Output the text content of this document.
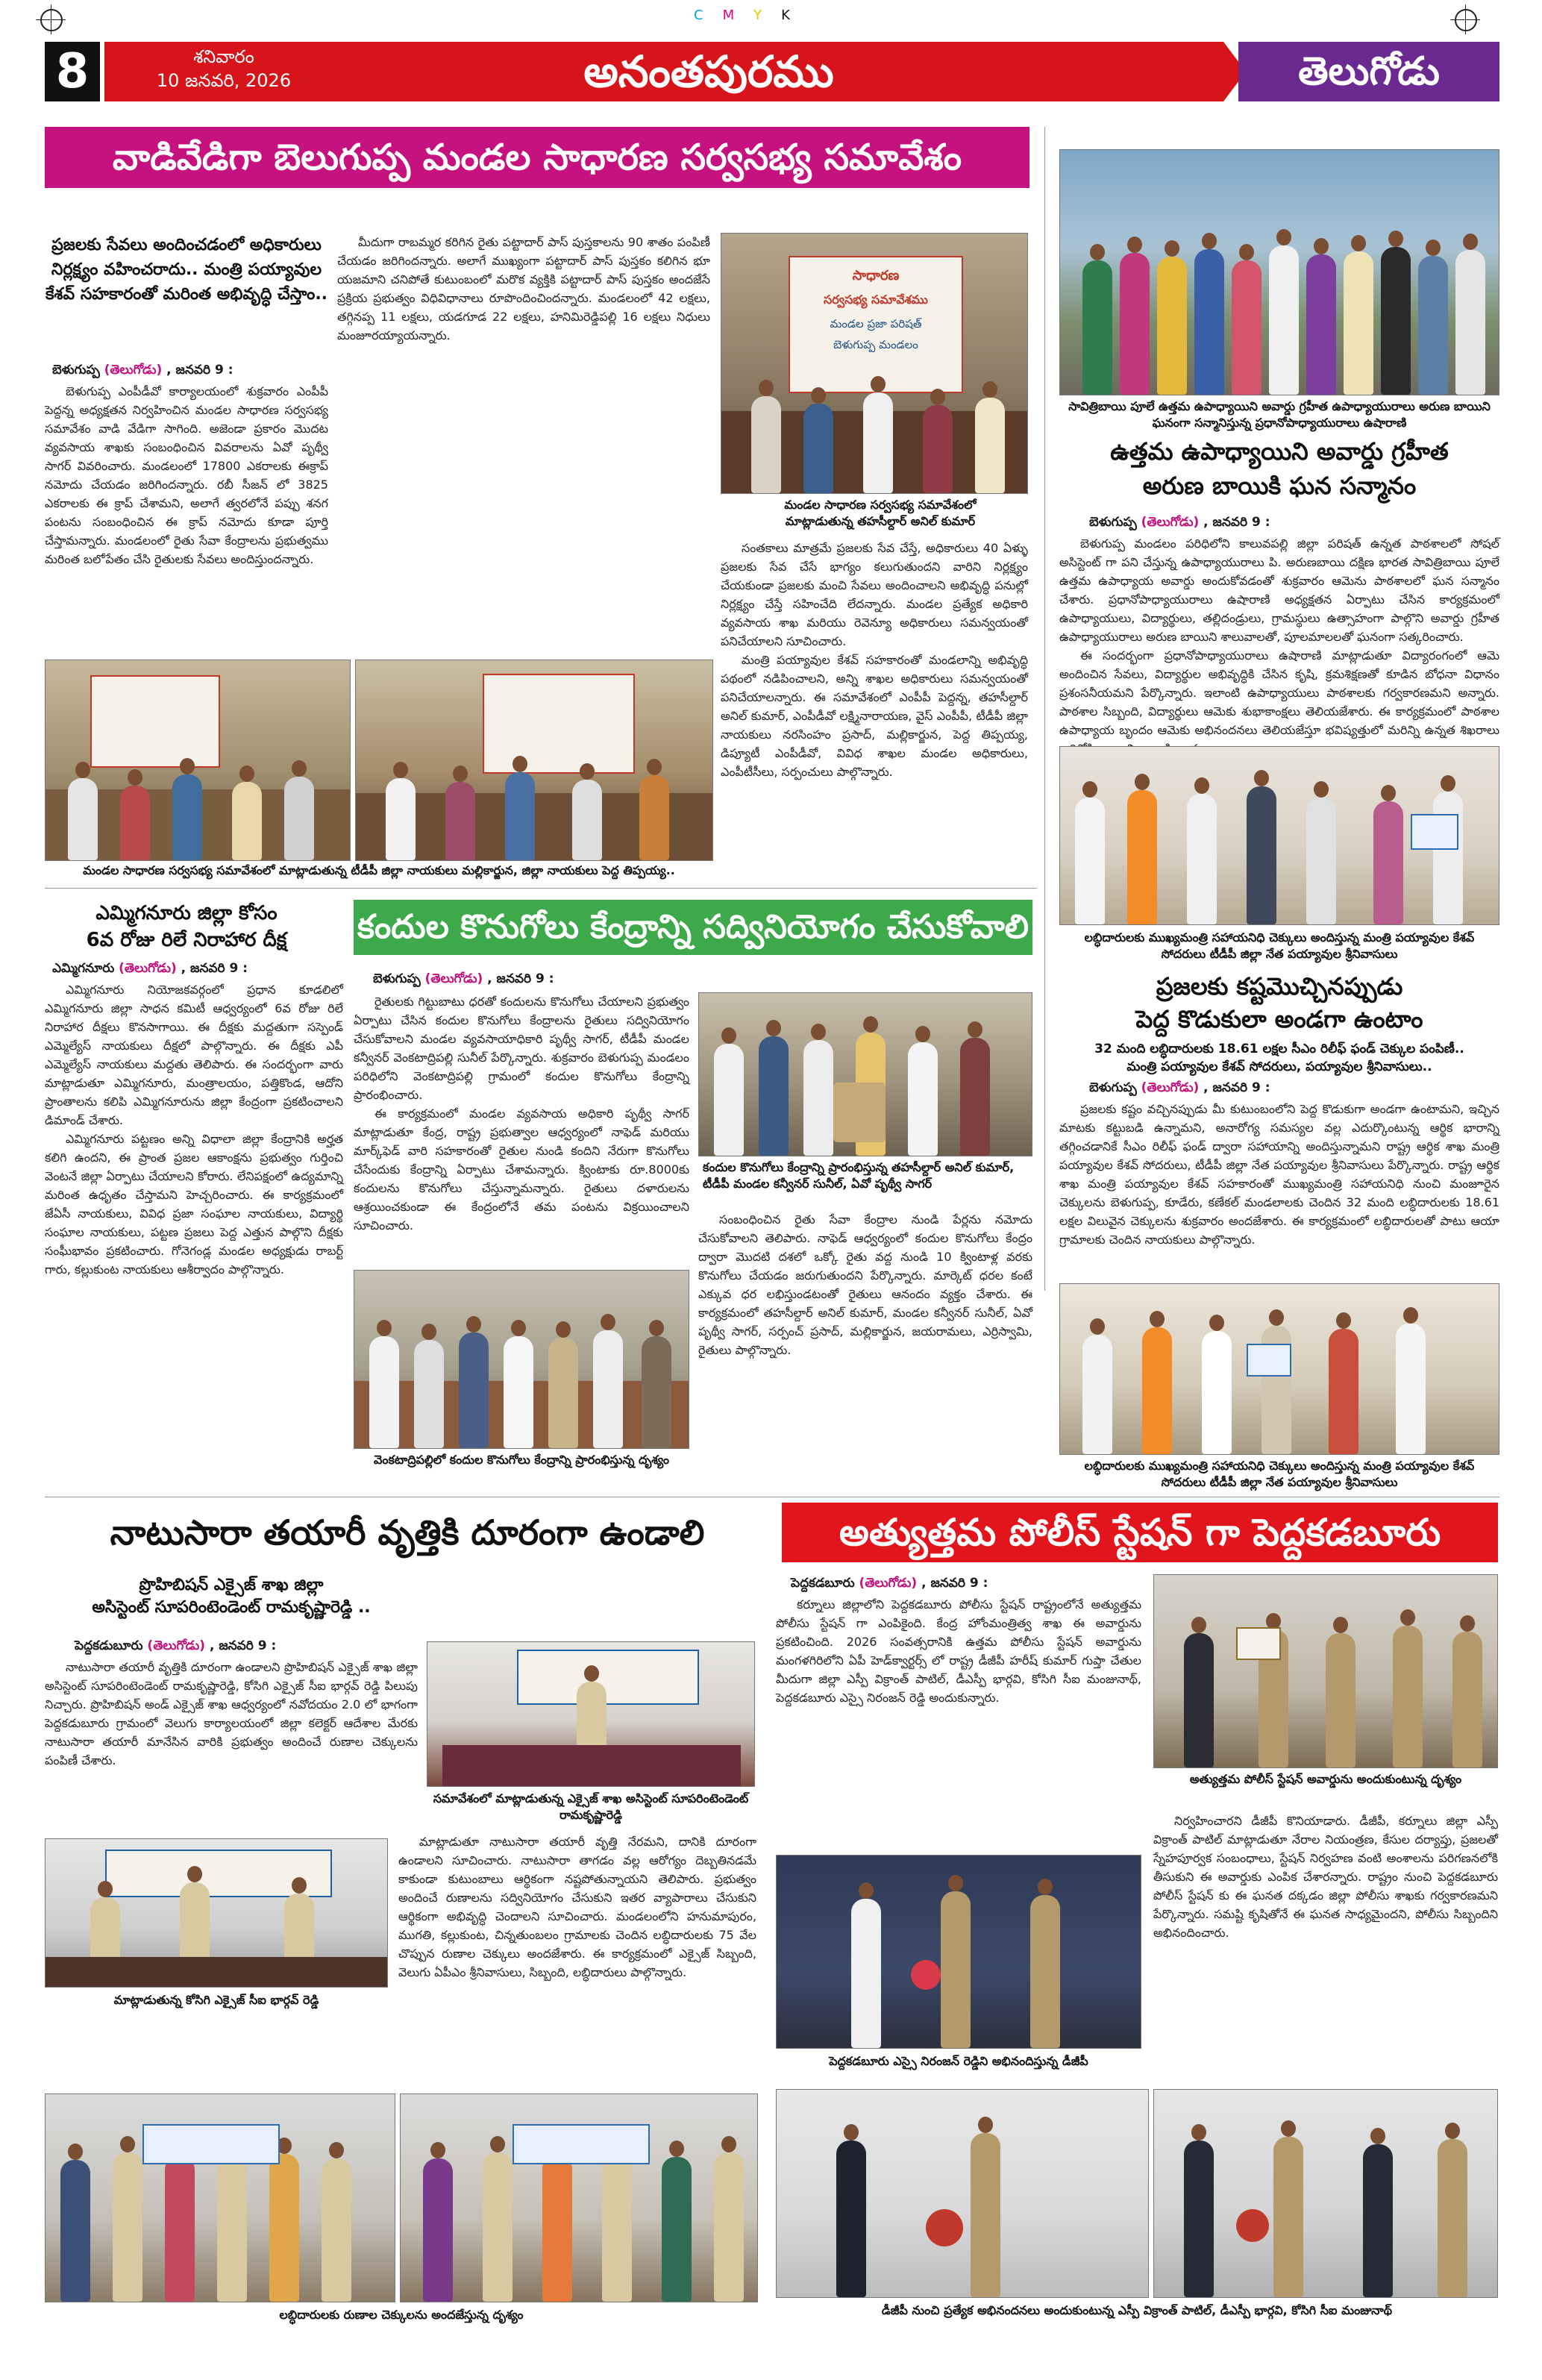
CMYK
8	శనివారం
10 జనవరి, 2026	అనంతపురము	తెలుగోడు
వాడివేడిగా బెలుగుప్ప మండల సాధారణ సర్వసభ్య సమావేశం
ప్రజలకు సేవలు అందించడంలో అధికారులు నిర్లక్ష్యం వహించరాదు.. మంత్రి పయ్యావుల కేశవ్ సహకారంతో మరింత అభివృద్ధి చేస్తాం..
బెళుగుప్ప (తెలుగోడు) , జనవరి 9 :

బెళుగుప్ప ఎంపీడీవో కార్యాలయంలో శుక్రవారం ఎంపీపీ పెద్దన్న అధ్యక్షతన నిర్వహించిన మండల సాధారణ సర్వసభ్య సమావేశం వాడి వేడిగా సాగింది. అజెండా ప్రకారం మొదట వ్యవసాయ శాఖకు సంబంధించిన వివరాలను ఏవో పృథ్వీ సాగర్ వివరించారు. మండలంలో 17800 ఎకరాలకు ఈక్రాప్ నమోదు చేయడం జరిగిందన్నారు. రబీ సీజన్ లో 3825 ఎకరాలకు ఈ క్రాప్ చేశామని, అలాగే త్వరలోనే పప్పు శనగ పంటను సంబంధించిన ఈ క్రాప్ నమోదు కూడా పూర్తి చేస్తామన్నారు. మండలంలో రైతు సేవా కేంద్రాలను ప్రభుత్వము మరింత బలోపేతం చేసి రైతులకు సేవలు అందిస్తుందన్నారు.

మీదుగా రాబమ్మర కరిగిన రైతు పట్టాదార్ పాస్ పుస్తకాలను 90 శాతం పంపిణీ చేయడం జరిగిందన్నారు. అలాగే ముఖ్యంగా పట్టాదార్ పాస్ పుస్తకం కలిగిన భూ యజమాని చనిపోతే కుటుంబంలో మరొక వ్యక్తికి పట్టాదార్ పాస్ పుస్తకం అందజేసే ప్రక్రియ ప్రభుత్వం విధివిధానాలు రూపొందించిందన్నారు. మండలంలో 42 లక్షలు, తగ్గినప్ప 11 లక్షలు, యడగూడ 22 లక్షలు, హనిమిరెడ్డిపల్లి 16 లక్షలు నిధులు మంజూరయ్యాయన్నారు.

సాధారణ
సర్వసభ్య సమావేశము
మండల ప్రజా పరిషత్
బెళుగుప్ప మండలం
మండల సాధారణ సర్వసభ్య సమావేశంలో మాట్లాడుతున్న తహసీల్దార్ అనిల్ కుమార్

సంతకాలు మాత్రమే ప్రజలకు సేవ చేస్తే, అధికారులు 40 ఏళ్ళు ప్రజలకు సేవ చేసే భాగ్యం కలుగుతుందని వారిని నిర్లక్ష్యం చేయకుండా ప్రజలకు మంచి సేవలు అందించాలని అభివృద్ధి పనుల్లో నిర్లక్ష్యం చేస్తే సహించేది లేదన్నారు. మండల ప్రత్యేక అధికారి వ్యవసాయ శాఖ మరియు రెవెన్యూ అధికారులు సమన్వయంతో పనిచేయాలని సూచించారు.

మంత్రి పయ్యావుల కేశవ్ సహకారంతో మండలాన్ని అభివృద్ధి పథంలో నడిపించాలని, అన్ని శాఖల అధికారులు సమన్వయంతో పనిచేయాలన్నారు. ఈ సమావేశంలో ఎంపీపీ పెద్దన్న, తహసీల్దార్ అనిల్ కుమార్, ఎంపీడీవో లక్ష్మినారాయణ, వైస్ ఎంపీపీ, టీడీపీ జిల్లా నాయకులు నరసింహం ప్రసాద్, మల్లికార్జున, పెద్ద తిప్పయ్య, డిప్యూటీ ఎంపీడీవో, వివిధ శాఖల మండల అధికారులు, ఎంపీటీసీలు, సర్పంచులు పాల్గొన్నారు.

మండల సాధారణ సర్వసభ్య సమావేశంలో మాట్లాడుతున్న టీడీపీ జిల్లా నాయకులు మల్లికార్జున, జిల్లా నాయకులు పెద్ద తిప్పయ్య..
సావిత్రిబాయి పూలే ఉత్తమ ఉపాధ్యాయిని అవార్డు గ్రహీత ఉపాధ్యాయురాలు అరుణ బాయిని ఘనంగా సన్మానిస్తున్న ప్రధానోపాధ్యాయురాలు ఉషారాణి
ఉత్తమ ఉపాధ్యాయిని అవార్డు గ్రహీత
అరుణ బాయికి ఘన సన్మానం
బెళుగుప్ప (తెలుగోడు) , జనవరి 9 :

బెళుగుప్ప మండలం పరిధిలోని కాలువపల్లి జిల్లా పరిషత్ ఉన్నత పాఠశాలలో సోషల్ అసిస్టెంట్ గా పని చేస్తున్న ఉపాధ్యాయురాలు పి. అరుణబాయి దక్షిణ భారత సావిత్రిబాయి పూలే ఉత్తమ ఉపాధ్యాయ అవార్డు అందుకోవడంతో శుక్రవారం ఆమెను పాఠశాలలో ఘన సన్మానం చేశారు. ప్రధానోపాధ్యాయురాలు ఉషారాణి అధ్యక్షతన ఏర్పాటు చేసిన కార్యక్రమంలో ఉపాధ్యాయులు, విద్యార్థులు, తల్లిదండ్రులు, గ్రామస్థులు ఉత్సాహంగా పాల్గొని అవార్డు గ్రహీత ఉపాధ్యాయురాలు అరుణ బాయిని శాలువాలతో, పూలమాలలతో ఘనంగా సత్కరించారు.

ఈ సందర్భంగా ప్రధానోపాధ్యాయురాలు ఉషారాణి మాట్లాడుతూ విద్యారంగంలో ఆమె అందించిన సేవలు, విద్యార్థుల అభివృద్ధికి చేసిన కృషి, క్రమశిక్షణతో కూడిన బోధనా విధానం ప్రశంసనీయమని పేర్కొన్నారు. ఇలాంటి ఉపాధ్యాయులు పాఠశాలకు గర్వకారణమని అన్నారు. పాఠశాల సిబ్బంది, విద్యార్థులు ఆమెకు శుభాకాంక్షలు తెలియజేశారు. ఈ కార్యక్రమంలో పాఠశాల ఉపాధ్యాయ బృందం ఆమెకు అభినందనలు తెలియజేస్తూ భవిష్యత్తులో మరిన్ని ఉన్నత శిఖరాలు

లబ్ధిదారులకు ముఖ్యమంత్రి సహాయనిధి చెక్కులు అందిస్తున్న మంత్రి పయ్యావుల కేశవ్ సోదరులు టీడీపీ జిల్లా నేత పయ్యావుల శ్రీనివాసులు
ప్రజలకు కష్టమొచ్చినప్పుడు
పెద్ద కొడుకులా అండగా ఉంటాం
32 మంది లబ్ధిదారులకు 18.61 లక్షల సీఎం రిలీఫ్ ఫండ్ చెక్కుల పంపిణీ..
మంత్రి పయ్యావుల కేశవ్ సోదరులు, పయ్యావుల శ్రీనివాసులు..
బెళుగుప్ప (తెలుగోడు) , జనవరి 9 :

ప్రజలకు కష్టం వచ్చినప్పుడు మీ కుటుంబంలోని పెద్ద కొడుకుగా అండగా ఉంటామని, ఇచ్చిన మాటకు కట్టుబడి ఉన్నామని, అనారోగ్య సమస్యల వల్ల ఎదుర్కొంటున్న ఆర్థిక భారాన్ని తగ్గించడానికే సీఎం రిలీఫ్ ఫండ్ ద్వారా సహాయాన్ని అందిస్తున్నామని రాష్ట్ర ఆర్థిక శాఖ మంత్రి పయ్యావుల కేశవ్ సోదరులు, టీడీపీ జిల్లా నేత పయ్యావుల శ్రీనివాసులు పేర్కొన్నారు. రాష్ట్ర ఆర్థిక శాఖ మంత్రి పయ్యావుల కేశవ్ సహకారంతో ముఖ్యమంత్రి సహాయనిధి నుంచి మంజూరైన చెక్కులను బెళుగుప్ప, కూడేరు, కణేకల్ మండలాలకు చెందిన 32 మంది లబ్ధిదారులకు 18.61 లక్షల విలువైన చెక్కులను శుక్రవారం అందజేశారు. ఈ కార్యక్రమంలో లబ్ధిదారులతో పాటు ఆయా గ్రామాలకు చెందిన నాయకులు పాల్గొన్నారు.

లబ్ధిదారులకు ముఖ్యమంత్రి సహాయనిధి చెక్కులు అందిస్తున్న మంత్రి పయ్యావుల కేశవ్ సోదరులు టీడీపీ జిల్లా నేత పయ్యావుల శ్రీనివాసులు
ఎమ్మిగనూరు జిల్లా కోసం
6వ రోజు రిలే నిరాహార దీక్ష
ఎమ్మిగనూరు (తెలుగోడు) , జనవరి 9 :

ఎమ్మిగనూరు నియోజకవర్గంలో ప్రధాన కూడలిలో ఎమ్మిగనూరు జిల్లా సాధన కమిటీ ఆధ్వర్యంలో 6వ రోజు రిలే నిరాహార దీక్షలు కొనసాగాయి. ఈ దీక్షకు మద్దతుగా సస్పెండ్ ఎమ్మెల్యేస్ నాయకులు దీక్షలో పాల్గొన్నారు. ఈ దీక్షకు ఎపీ ఎమ్మెల్యేస్ నాయకులు మద్దతు తెలిపారు. ఈ సందర్భంగా వారు మాట్లాడుతూ ఎమ్మిగనూరు, మంత్రాలయం, పత్తికొండ, ఆదోని ప్రాంతాలను కలిపి ఎమ్మిగనూరును జిల్లా కేంద్రంగా ప్రకటించాలని డిమాండ్ చేశారు.

ఎమ్మిగనూరు పట్టణం అన్ని విధాలా జిల్లా కేంద్రానికి అర్హత కలిగి ఉందని, ఈ ప్రాంత ప్రజల ఆకాంక్షను ప్రభుత్వం గుర్తించి వెంటనే జిల్లా ఏర్పాటు చేయాలని కోరారు. లేనిపక్షంలో ఉద్యమాన్ని మరింత ఉధృతం చేస్తామని హెచ్చరించారు. ఈ కార్యక్రమంలో జేఏసీ నాయకులు, వివిధ ప్రజా సంఘాల నాయకులు, విద్యార్థి సంఘాల నాయకులు, పట్టణ ప్రజలు పెద్ద ఎత్తున పాల్గొని దీక్షకు సంఘీభావం ప్రకటించారు. గోనెగండ్ల మండల అధ్యక్షుడు రాబర్ట్ గారు, కల్లుకుంట నాయకులు ఆశీర్వాదం పాల్గొన్నారు.

కందుల కొనుగోలు కేంద్రాన్ని సద్వినియోగం చేసుకోవాలి
బెళుగుప్ప (తెలుగోడు) , జనవరి 9 :

రైతులకు గిట్టుబాటు ధరతో కందులను కొనుగోలు చేయాలని ప్రభుత్వం ఏర్పాటు చేసిన కందుల కొనుగోలు కేంద్రాలను రైతులు సద్వినియోగం చేసుకోవాలని మండల వ్యవసాయాధికారి పృథ్వీ సాగర్, టీడీపీ మండల కన్వీనర్ వెంకటాద్రిపల్లి సునీల్ పేర్కొన్నారు. శుక్రవారం బెళుగుప్ప మండలం పరిధిలోని వెంకటాద్రిపల్లి గ్రామంలో కందుల కొనుగోలు కేంద్రాన్ని ప్రారంభించారు.

ఈ కార్యక్రమంలో మండల వ్యవసాయ అధికారి పృథ్వీ సాగర్ మాట్లాడుతూ కేంద్ర, రాష్ట్ర ప్రభుత్వాల ఆధ్వర్యంలో నాఫెడ్ మరియు మార్క్‌ఫెడ్ వారి సహకారంతో రైతుల నుండి కందిని నేరుగా కొనుగోలు చేసేందుకు కేంద్రాన్ని ఏర్పాటు చేశామన్నారు. క్వింటాకు రూ.8000కు కందులను కొనుగోలు చేస్తున్నామన్నారు. రైతులు దళారులను ఆశ్రయించకుండా ఈ కేంద్రంలోనే తమ పంటను విక్రయించాలని సూచించారు.

కందుల కొనుగోలు కేంద్రాన్ని ప్రారంభిస్తున్న తహసీల్దార్ అనిల్ కుమార్, టీడీపీ మండల కన్వీనర్ సునీల్, ఏవో పృథ్వీ సాగర్

సంబంధించిన రైతు సేవా కేంద్రాల నుండి పేర్లను నమోదు చేసుకోవాలని తెలిపారు. నాఫెడ్ ఆధ్వర్యంలో కందుల కొనుగోలు కేంద్రం ద్వారా మొదటి దశలో ఒక్కో రైతు వద్ద నుండి 10 క్వింటాళ్ల వరకు కొనుగోలు చేయడం జరుగుతుందని పేర్కొన్నారు. మార్కెట్ ధరల కంటే ఎక్కువ ధర లభిస్తుండటంతో రైతులు ఆనందం వ్యక్తం చేశారు. ఈ కార్యక్రమంలో తహసీల్దార్ అనిల్ కుమార్, మండల కన్వీనర్ సునీల్, ఏవో పృథ్వీ సాగర్, సర్పంచ్ ప్రసాద్, మల్లికార్జున, జయరామలు, ఎర్రిస్వామి, రైతులు పాల్గొన్నారు.

వెంకటాద్రిపల్లిలో కందుల కొనుగోలు కేంద్రాన్ని ప్రారంభిస్తున్న దృశ్యం
నాటుసారా తయారీ వృత్తికి దూరంగా ఉండాలి
ప్రొహిబిషన్ ఎక్సైజ్ శాఖ జిల్లా
అసిస్టెంట్ సూపరింటెండెంట్ రామకృష్ణారెడ్డి ..
పెద్దకడుబూరు (తెలుగోడు) , జనవరి 9 :

నాటుసారా తయారీ వృత్తికి దూరంగా ఉండాలని ప్రొహిబిషన్ ఎక్సైజ్ శాఖ జిల్లా అసిస్టెంట్ సూపరింటెండెంట్ రామకృష్ణారెడ్డి, కోసిగి ఎక్సైజ్ సీఐ భార్గవ్ రెడ్డి పిలుపు నిచ్చారు. ప్రొహిబిషన్ అండ్ ఎక్సైజ్ శాఖ ఆధ్వర్యంలో నవోదయం 2.0 లో భాగంగా పెద్దకడుబూరు గ్రామంలో వెలుగు కార్యాలయంలో జిల్లా కలెక్టర్ ఆదేశాల మేరకు నాటుసారా తయారీ మానేసిన వారికి ప్రభుత్వం అందించే రుణాల చెక్కులను పంపిణీ చేశారు.

సమావేశంలో మాట్లాడుతున్న ఎక్సైజ్ శాఖ అసిస్టెంట్ సూపరింటెండెంట్ రామకృష్ణారెడ్డి
మాట్లాడుతున్న కోసిగి ఎక్సైజ్ సీఐ భార్గవ్ రెడ్డి

మాట్లాడుతూ నాటుసారా తయారీ వృత్తి నేరమని, దానికి దూరంగా ఉండాలని సూచించారు. నాటుసారా తాగడం వల్ల ఆరోగ్యం దెబ్బతినడమే కాకుండా కుటుంబాలు ఆర్థికంగా నష్టపోతున్నాయని తెలిపారు. ప్రభుత్వం అందించే రుణాలను సద్వినియోగం చేసుకుని ఇతర వ్యాపారాలు చేసుకుని ఆర్థికంగా అభివృద్ధి చెందాలని సూచించారు. మండలంలోని హనుమాపురం, ముగతి, కల్లుకుంట, చిన్నతుంబలం గ్రామాలకు చెందిన లబ్ధిదారులకు 75 వేల చొప్పున రుణాల చెక్కులు అందజేశారు. ఈ కార్యక్రమంలో ఎక్సైజ్ సిబ్బంది, వెలుగు ఏపీఎం శ్రీనివాసులు, సిబ్బంది, లబ్ధిదారులు పాల్గొన్నారు.

లబ్ధిదారులకు రుణాల చెక్కులను అందజేస్తున్న దృశ్యం
అత్యుత్తమ పోలీస్ స్టేషన్ గా పెద్దకడబూరు
పెద్దకడబూరు (తెలుగోడు) , జనవరి 9 :

కర్నూలు జిల్లాలోని పెద్దకడబూరు పోలీసు స్టేషన్ రాష్ట్రంలోనే అత్యుత్తమ పోలీసు స్టేషన్ గా ఎంపికైంది. కేంద్ర హోంమంత్రిత్వ శాఖ ఈ అవార్డును ప్రకటించింది. 2026 సంవత్సరానికి ఉత్తమ పోలీసు స్టేషన్ అవార్డును మంగళగిరిలోని ఏపీ హెడ్‌క్వార్టర్స్ లో రాష్ట్ర డీజీపీ హరీష్ కుమార్ గుప్తా చేతుల మీదుగా జిల్లా ఎస్పీ విక్రాంత్ పాటిల్, డీఎస్పీ భార్గవి, కోసిగి సీఐ మంజునాథ్, పెద్దకడబూరు ఎస్సై నిరంజన్ రెడ్డి అందుకున్నారు.

అత్యుత్తమ పోలీస్ స్టేషన్ అవార్డును అందుకుంటున్న దృశ్యం
పెద్దకడబూరు ఎస్సై నిరంజన్ రెడ్డిని అభినందిస్తున్న డీజీపీ

నిర్వహించారని డీజీపీ కొనియాడారు. డీజీపీ, కర్నూలు జిల్లా ఎస్పీ విక్రాంత్ పాటిల్ మాట్లాడుతూ నేరాల నియంత్రణ, కేసుల దర్యాప్తు, ప్రజలతో స్నేహపూర్వక సంబంధాలు, స్టేషన్ నిర్వహణ వంటి అంశాలను పరిగణనలోకి తీసుకుని ఈ అవార్డుకు ఎంపిక చేశారన్నారు. రాష్ట్రం నుంచి పెద్దకడబూరు పోలీస్ స్టేషన్ కు ఈ ఘనత దక్కడం జిల్లా పోలీసు శాఖకు గర్వకారణమని పేర్కొన్నారు. సమష్టి కృషితోనే ఈ ఘనత సాధ్యమైందని, పోలీసు సిబ్బందిని అభినందించారు.

డీజీపీ నుంచి ప్రత్యేక అభినందనలు అందుకుంటున్న ఎస్పీ విక్రాంత్ పాటిల్, డీఎస్పీ భార్గవి, కోసిగి సీఐ మంజునాథ్
